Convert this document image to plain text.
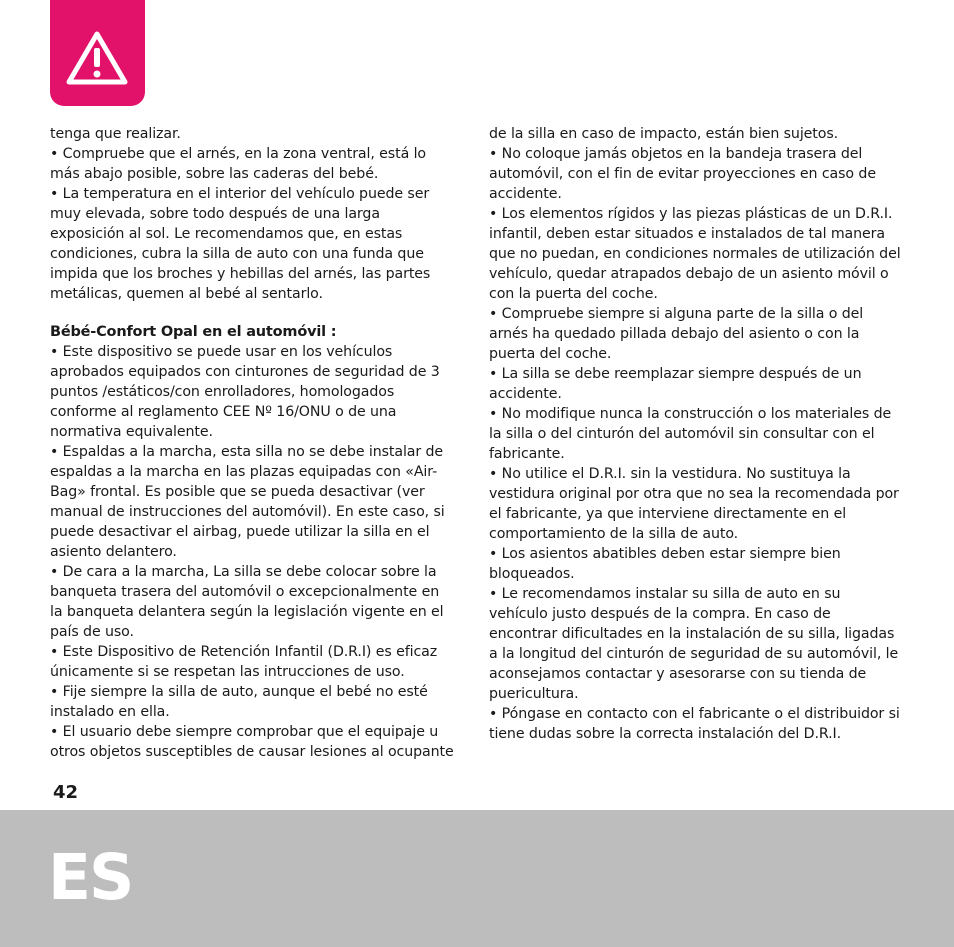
tenga que realizar.

• Compruebe que el arnés, en la zona ventral, está lo más abajo posible, sobre las caderas del bebé.

• La temperatura en el interior del vehículo puede ser muy elevada, sobre todo después de una larga exposición al sol. Le recomendamos que, en estas condiciones, cubra la silla de auto con una funda que impida que los broches y hebillas del arnés, las partes metálicas, quemen al bebé al sentarlo.

Bébé-Confort Opal en el automóvil :

• Este dispositivo se puede usar en los vehículos aprobados equipados con cinturones de seguridad de 3 puntos /estáticos/con enrolladores, homologados conforme al reglamento CEE Nº 16/ONU o de una normativa equivalente.

• Espaldas a la marcha, esta silla no se debe instalar de espaldas a la marcha en las plazas equipadas con «Air-Bag» frontal. Es posible que se pueda desactivar (ver manual de instrucciones del automóvil). En este caso, si puede desactivar el airbag, puede utilizar la silla en el asiento delantero.

• De cara a la marcha, La silla se debe colocar sobre la banqueta trasera del automóvil o excepcionalmente en la banqueta delantera según la legislación vigente en el país de uso.

• Este Dispositivo de Retención Infantil (D.R.I) es eficaz únicamente si se respetan las intrucciones de uso.

• Fije siempre la silla de auto, aunque el bebé no esté instalado en ella.

• El usuario debe siempre comprobar que el equipaje u otros objetos susceptibles de causar lesiones al ocupante

de la silla en caso de impacto, están bien sujetos.

• No coloque jamás objetos en la bandeja trasera del automóvil, con el fin de evitar proyecciones en caso de accidente.

• Los elementos rígidos y las piezas plásticas de un D.R.I. infantil, deben estar situados e instalados de tal manera que no puedan, en condiciones normales de utilización del vehículo, quedar atrapados debajo de un asiento móvil o con la puerta del coche.

• Compruebe siempre si alguna parte de la silla o del arnés ha quedado pillada debajo del asiento o con la puerta del coche.

• La silla se debe reemplazar siempre después de un accidente.

• No modifique nunca la construcción o los materiales de la silla o del cinturón del automóvil sin consultar con el fabricante.

• No utilice el D.R.I. sin la vestidura. No sustituya la vestidura original por otra que no sea la recomendada por el fabricante, ya que interviene directamente en el comportamiento de la silla de auto.

• Los asientos abatibles deben estar siempre bien bloqueados.

• Le recomendamos instalar su silla de auto en su vehículo justo después de la compra. En caso de encontrar dificultades en la instalación de su silla, ligadas a la longitud del cinturón de seguridad de su automóvil, le aconsejamos contactar y asesorarse con su tienda de puericultura.

• Póngase en contacto con el fabricante o el distribuidor si tiene dudas sobre la correcta instalación del D.R.I.

42
ES
